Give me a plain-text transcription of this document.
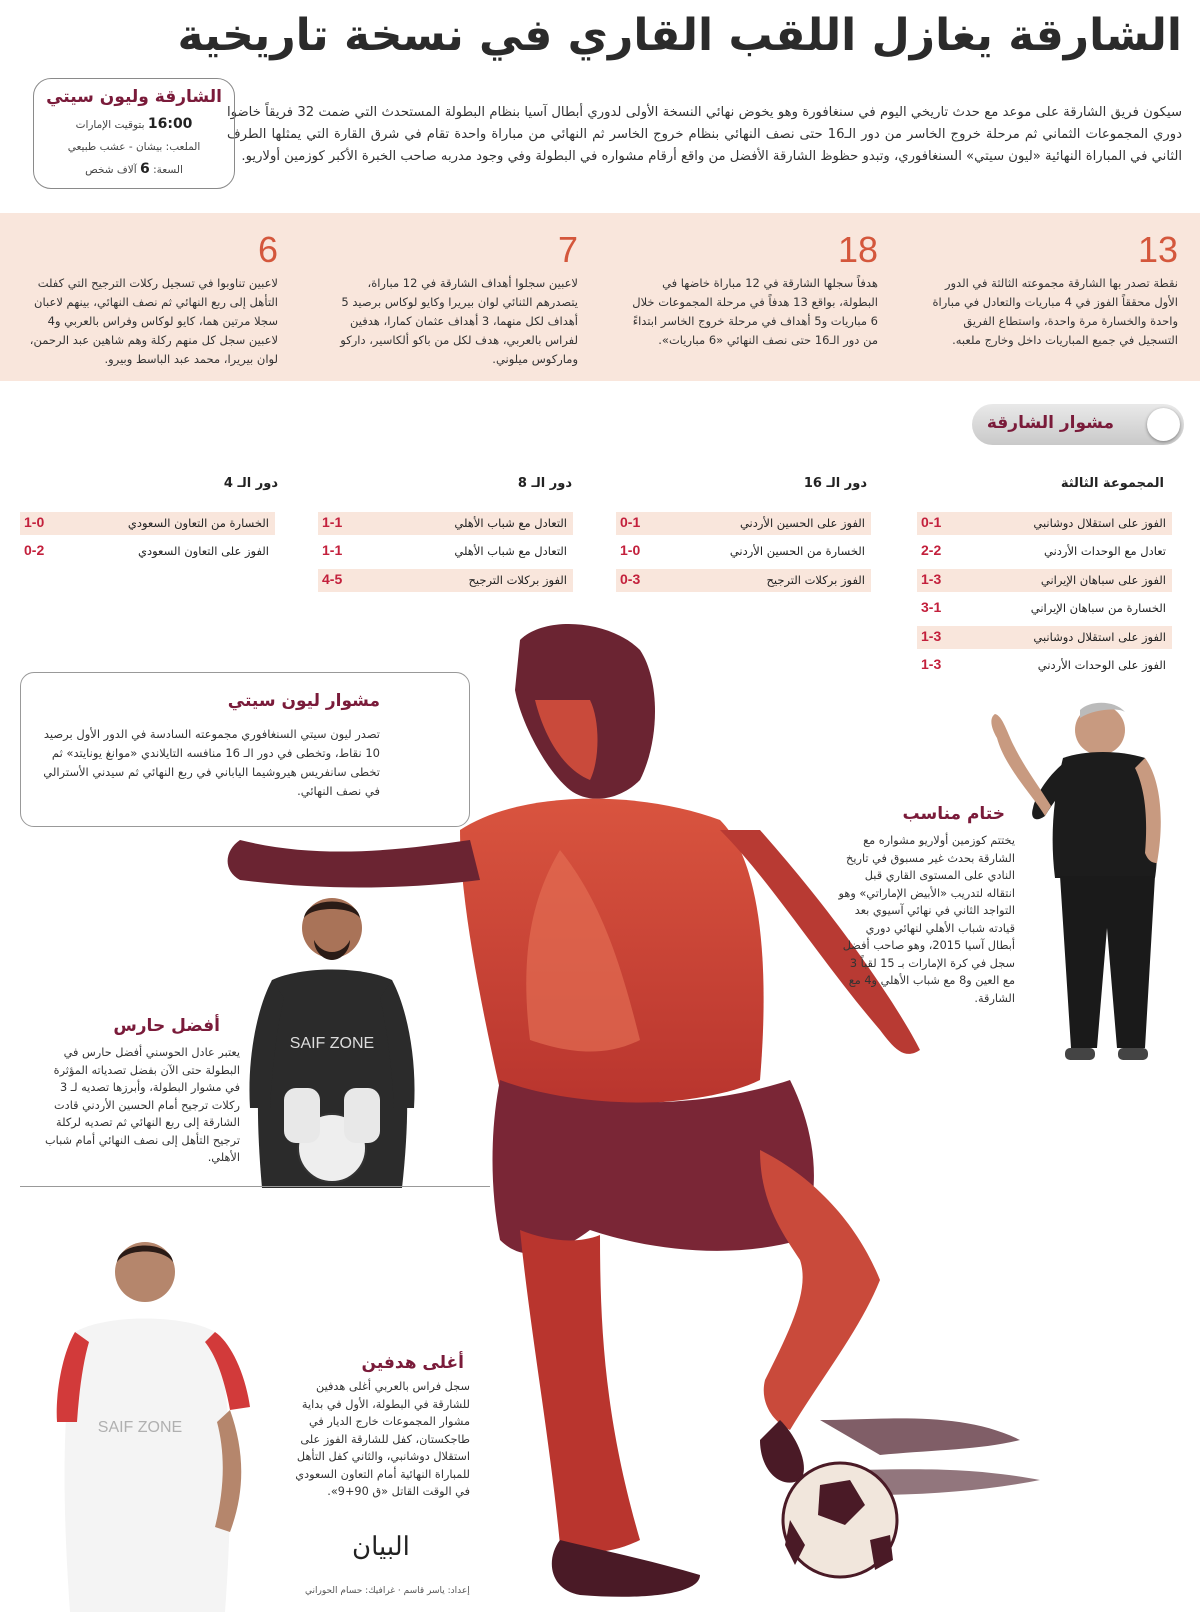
الشارقة يغازل اللقب القاري في نسخة تاريخية

سيكون فريق الشارقة على موعد مع حدث تاريخي اليوم في سنغافورة وهو يخوض نهائي النسخة الأولى لدوري أبطال آسيا بنظام البطولة المستحدث التي ضمت 32 فريقاً خاضوا دوري المجموعات الثماني ثم مرحلة خروج الخاسر من دور الـ16 حتى نصف النهائي بنظام خروج الخاسر ثم النهائي من مباراة واحدة تقام في شرق القارة التي يمثلها الطرف الثاني في المباراة النهائية «ليون سيتي» السنغافوري، وتبدو حظوظ الشارقة الأفضل من واقع أرقام مشواره في البطولة وفي وجود مدربه صاحب الخبرة الأكبر كوزمين أولاريو.

الشارقة وليون سيتي
16:00 بتوقيت الإمارات
الملعب: بيشان - عشب طبيعي
السعة: 6 آلاف شخص
13
نقطة تصدر بها الشارقة مجموعته الثالثة في الدور الأول محققاً الفوز في 4 مباريات والتعادل في مباراة واحدة والخسارة مرة واحدة، واستطاع الفريق التسجيل في جميع المباريات داخل وخارج ملعبه.
18
هدفاً سجلها الشارقة في 12 مباراة خاضها في البطولة، بواقع 13 هدفاً في مرحلة المجموعات خلال 6 مباريات و5 أهداف في مرحلة خروج الخاسر ابتداءً من دور الـ16 حتى نصف النهائي «6 مباريات».
7
لاعبين سجلوا أهداف الشارقة في 12 مباراة، يتصدرهم الثنائي لوان بيريرا وكايو لوكاس برصيد 5 أهداف لكل منهما، 3 أهداف عثمان كمارا، هدفين لفراس بالعربي، هدف لكل من باكو ألكاسير، داركو وماركوس ميلوني.
6
لاعبين تناوبوا في تسجيل ركلات الترجيح التي كفلت التأهل إلى ربع النهائي ثم نصف النهائي، بينهم لاعبان سجلا مرتين هما، كايو لوكاس وفراس بالعربي و4 لاعبين سجل كل منهم ركلة وهم شاهين عبد الرحمن، لوان بيريرا، محمد عبد الباسط وبيرو.
مشوار الشارقة
المجموعة الثالثة
دور الـ 16
دور الـ 8
دور الـ 4
الفوز على استقلال دوشانبي
0-1
تعادل مع الوحدات الأردني
2-2
الفوز على سباهان الإيراني
1-3
الخسارة من سباهان الإيراني
3-1
الفوز على استقلال دوشانبي
1-3
الفوز على الوحدات الأردني
1-3
الفوز على الحسين الأردني
0-1
الخسارة من الحسين الأردني
1-0
الفوز بركلات الترجيح
0-3
التعادل مع شباب الأهلي
1-1
التعادل مع شباب الأهلي
1-1
الفوز بركلات الترجيح
4-5
الخسارة من التعاون السعودي
1-0
الفوز على التعاون السعودي
0-2
مشوار ليون سيتي
تصدر ليون سيتي السنغافوري مجموعته السادسة في الدور الأول برصيد 10 نقاط، وتخطى في دور الـ 16 منافسه التايلاندي «موانغ يونايتد» ثم تخطى سانفريس هيروشيما الياباني في ربع النهائي ثم سيدني الأسترالي في نصف النهائي.
ختام مناسب
يختتم كوزمين أولاريو مشواره مع الشارقة بحدث غير مسبوق في تاريخ النادي على المستوى القاري قبل انتقاله لتدريب «الأبيض الإماراتي» وهو التواجد الثاني في نهائي آسيوي بعد قيادته شباب الأهلي لنهائي دوري أبطال آسيا 2015، وهو صاحب أفضل سجل في كرة الإمارات بـ 15 لقباً 3 مع العين و8 مع شباب الأهلي و4 مع الشارقة.
SAIF ZONE
أفضل حارس
يعتبر عادل الحوسني أفضل حارس في البطولة حتى الآن بفضل تصدياته المؤثرة في مشوار البطولة، وأبرزها تصديه لـ 3 ركلات ترجيح أمام الحسين الأردني قادت الشارقة إلى ربع النهائي ثم تصديه لركلة ترجيح التأهل إلى نصف النهائي أمام شباب الأهلي.
SAIF ZONE
أغلى هدفين
سجل فراس بالعربي أغلى هدفين للشارقة في البطولة، الأول في بداية مشوار المجموعات خارج الديار في طاجكستان، كفل للشارقة الفوز على استقلال دوشانبي، والثاني كفل التأهل للمباراة النهائية أمام التعاون السعودي في الوقت القاتل «ق 90+9».
البيان
إعداد: ياسر قاسم · غرافيك: حسام الحوراني
